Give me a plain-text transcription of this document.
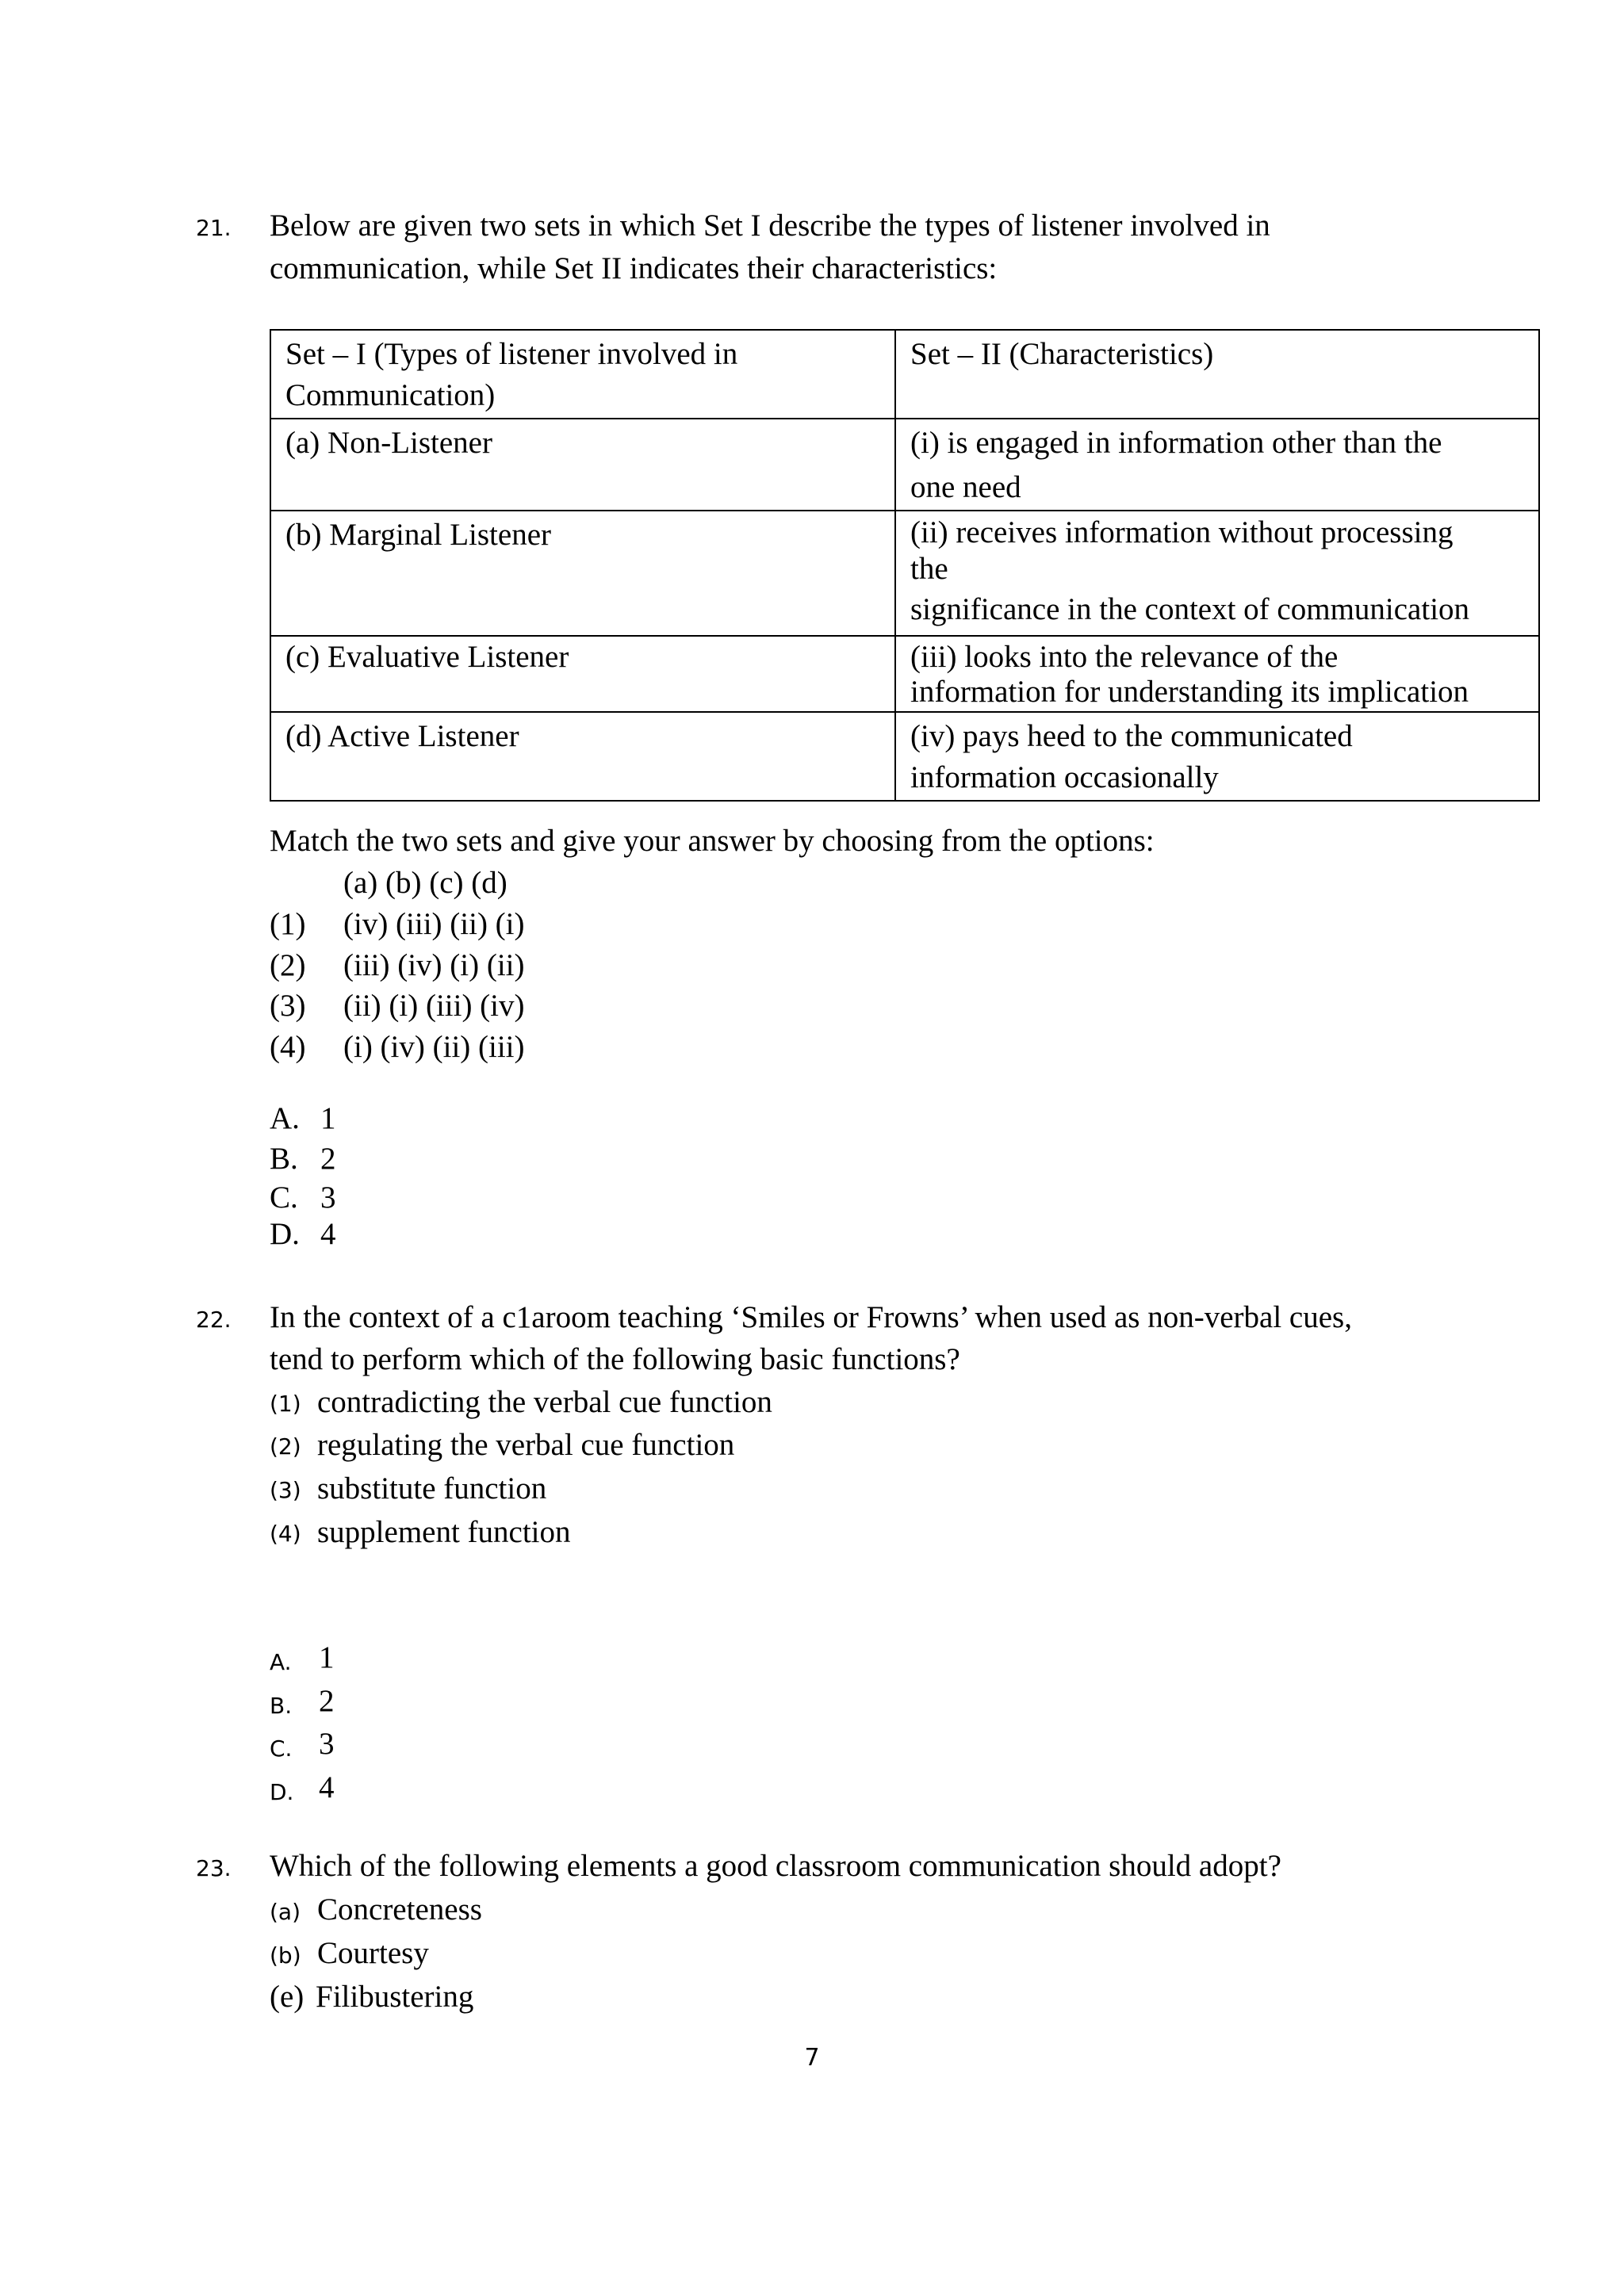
21. Below are given two sets in which Set I describe the types of listener involved in
communication, while Set II indicates their characteristics:
Set – I (Types of listener involved in
Communication)	Set – II (Characteristics)

(a) Non-Listener	(i) is engaged in information other than the
one need

(b) Marginal Listener	(ii) receives information without processing
the
significance in the context of communication

(c) Evaluative Listener	(iii) looks into the relevance of the
information for understanding its implication

(d) Active Listener	(iv) pays heed to the communicated
information occasionally
Match the two sets and give your answer by choosing from the options:
(a) (b) (c) (d)
(1) (iv) (iii) (ii) (i)
(2) (iii) (iv) (i) (ii)
(3) (ii) (i) (iii) (iv)
(4) (i) (iv) (ii) (iii)
A. 1
B. 2
C. 3
D. 4
22. In the context of a c1aroom teaching ‘Smiles or Frowns’ when used as non-verbal cues,
tend to perform which of the following basic functions?
(1) contradicting the verbal cue function
(2) regulating the verbal cue function
(3) substitute function
(4) supplement function
A. 1
B. 2
C. 3
D. 4
23. Which of the following elements a good classroom communication should adopt?
(a) Concreteness
(b) Courtesy
(e) Filibustering
7
